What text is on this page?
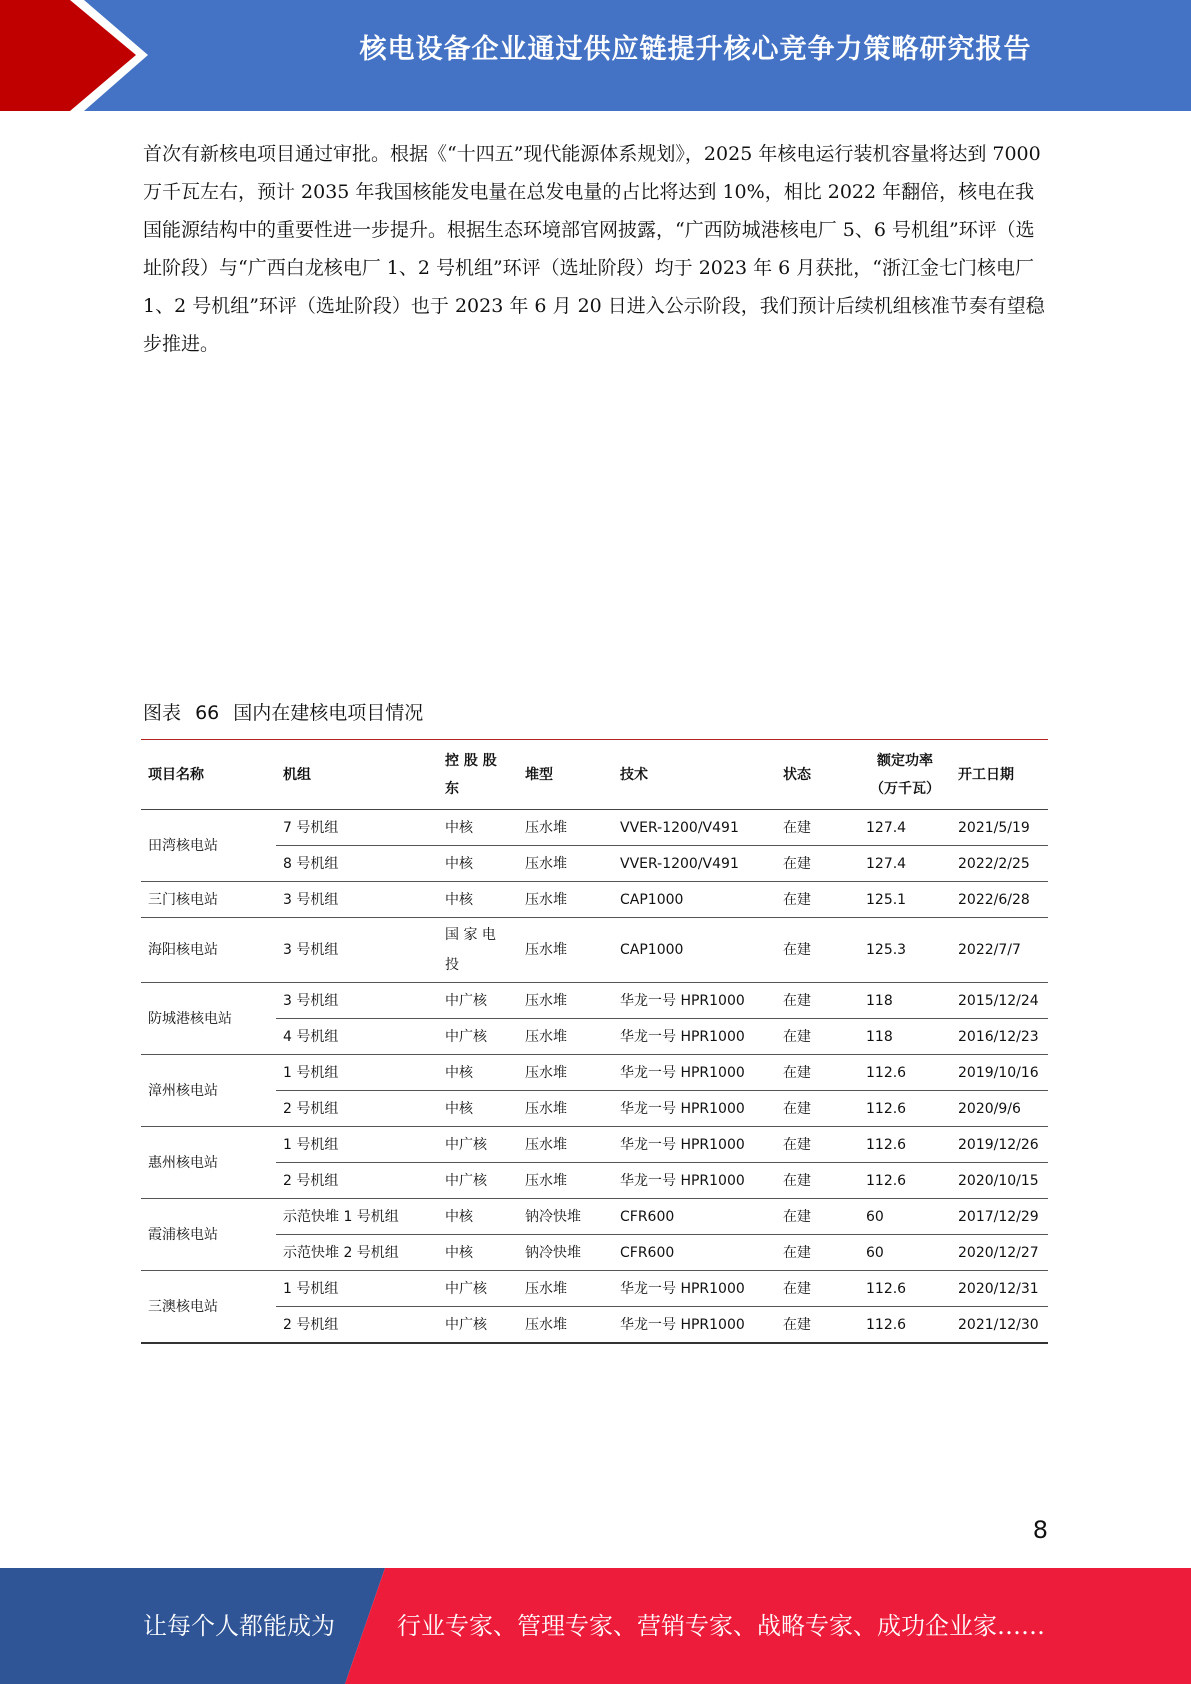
核电设备企业通过供应链提升核心竞争力策略研究报告
首次有新核电项目通过审批。根据《“十四五”现代能源体系规划》，2025 年核电运行装机容量将达到 7000 万千瓦左右，预计 2035 年我国核能发电量在总发电量的占比将达到 10%，相比 2022 年翻倍，核电在我国能源结构中的重要性进一步提升。根据生态环境部官网披露，“广西防城港核电厂 5、6 号机组”环评（选址阶段）与“广西白龙核电厂 1、2 号机组”环评（选址阶段）均于 2023 年 6 月获批，“浙江金七门核电厂 1、2 号机组”环评（选址阶段）也于 2023 年 6 月 20 日进入公示阶段，我们预计后续机组核准节奏有望稳步推进。
图表 66 国内在建核电项目情况
项目名称	机组	控 股 股 东	堆型	技术	状态	额定功率（万千瓦）	开工日期
田湾核电站	7 号机组	中核	压水堆	VVER-1200/V491	在建	127.4	2021/5/19
	8 号机组	中核	压水堆	VVER-1200/V491	在建	127.4	2022/2/25
三门核电站	3 号机组	中核	压水堆	CAP1000	在建	125.1	2022/6/28
海阳核电站	3 号机组	国 家 电 投	压水堆	CAP1000	在建	125.3	2022/7/7
防城港核电站	3 号机组	中广核	压水堆	华龙一号 HPR1000	在建	118	2015/12/24
	4 号机组	中广核	压水堆	华龙一号 HPR1000	在建	118	2016/12/23
漳州核电站	1 号机组	中核	压水堆	华龙一号 HPR1000	在建	112.6	2019/10/16
	2 号机组	中核	压水堆	华龙一号 HPR1000	在建	112.6	2020/9/6
惠州核电站	1 号机组	中广核	压水堆	华龙一号 HPR1000	在建	112.6	2019/12/26
	2 号机组	中广核	压水堆	华龙一号 HPR1000	在建	112.6	2020/10/15
霞浦核电站	示范快堆 1 号机组	中核	钠冷快堆	CFR600	在建	60	2017/12/29
	示范快堆 2 号机组	中核	钠冷快堆	CFR600	在建	60	2020/12/27
三澳核电站	1 号机组	中广核	压水堆	华龙一号 HPR1000	在建	112.6	2020/12/31
	2 号机组	中广核	压水堆	华龙一号 HPR1000	在建	112.6	2021/12/30
8
让每个人都能成为	行业专家、管理专家、营销专家、战略专家、成功企业家……
